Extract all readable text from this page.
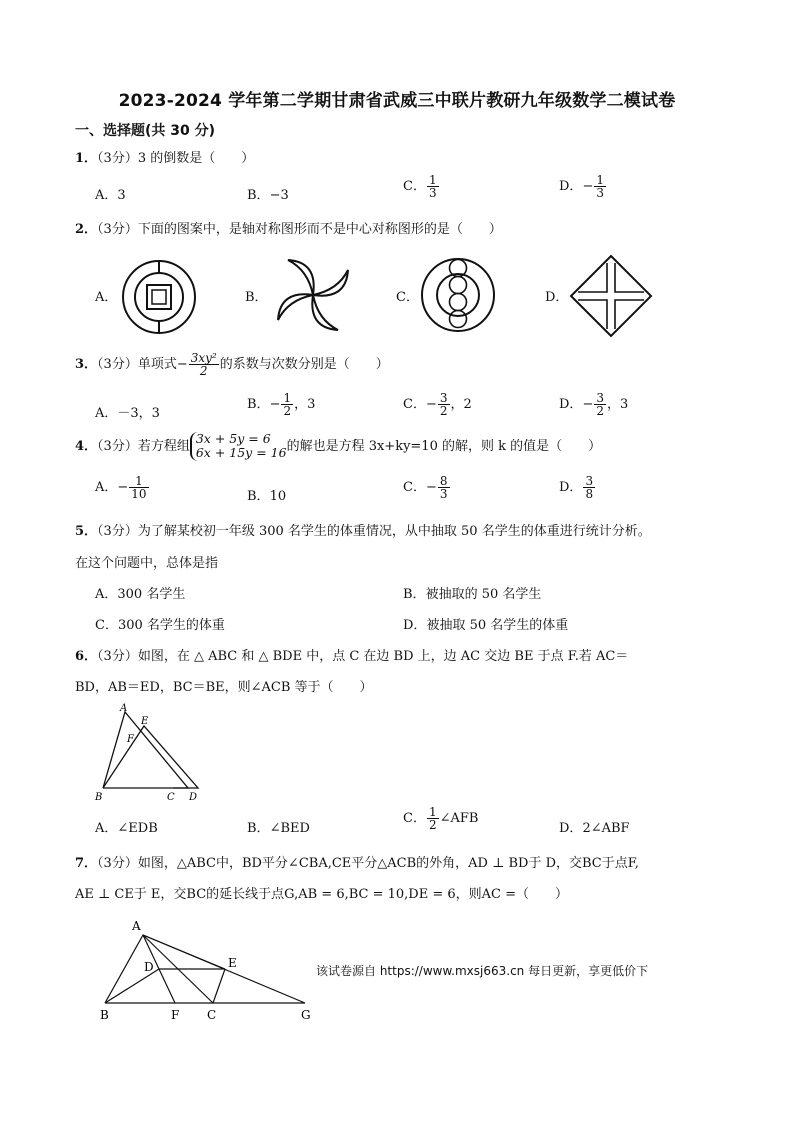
2023-2024 学年第二学期甘肃省武威三中联片教研九年级数学二模试卷
一、选择题(共 30 分)
1．（3分）3 的倒数是（　　）
A．3	B．−3
C． $\frac{1}{3}$	D．− $\frac{1}{3}$
2．（3分）下面的图案中，是轴对称图形而不是中心对称图形的是（　　）
A．	B．	C．	D．
3．（3分）单项式− $\frac{\text{3xy²}}{2}$ 的系数与次数分别是（　　）
A．－3，3
B．− $\frac{1}{2}$ ，3	C．− $\frac{3}{2}$ ，2	D．− $\frac{3}{2}$ ，3
4．（3分）若方程组
3x + 5y = 6
6x + 15y = 16 的解也是方程 3x+ky=10 的解，则 k 的值是（　　）
A．− $\frac{1}{10}$	B．10
C．− $\frac{8}{3}$	D． $\frac{3}{8}$
5．（3分）为了解某校初一年级 300 名学生的体重情况，从中抽取 50 名学生的体重进行统计分析。
在这个问题中，总体是指
A．300 名学生	B．被抽取的 50 名学生
C．300 名学生的体重	D．被抽取 50 名学生的体重
6．（3分）如图，在 △ ABC 和 △ BDE 中，点 C 在边 BD 上，边 AC 交边 BE 于点 F.若 AC＝
BD，AB＝ED，BC＝BE，则∠ACB 等于（　　）
A
E
F
B	C D
A．∠EDB	B．∠BED
C． $\frac{1}{2}$ ∠AFB
D．2∠ABF
7．（3分）如图，△ABC中，BD平分∠CBA,CE平分△ACB的外角，AD ⊥ BD于 D，交BC于点F,
AE ⊥ CE于 E，交BC的延长线于点G,AB = 6,BC = 10,DE = 6，则AC =（　　）
A
D	E
B	F C	G
该试卷源自 https://www.mxsj663.cn 每日更新，享更低价下
